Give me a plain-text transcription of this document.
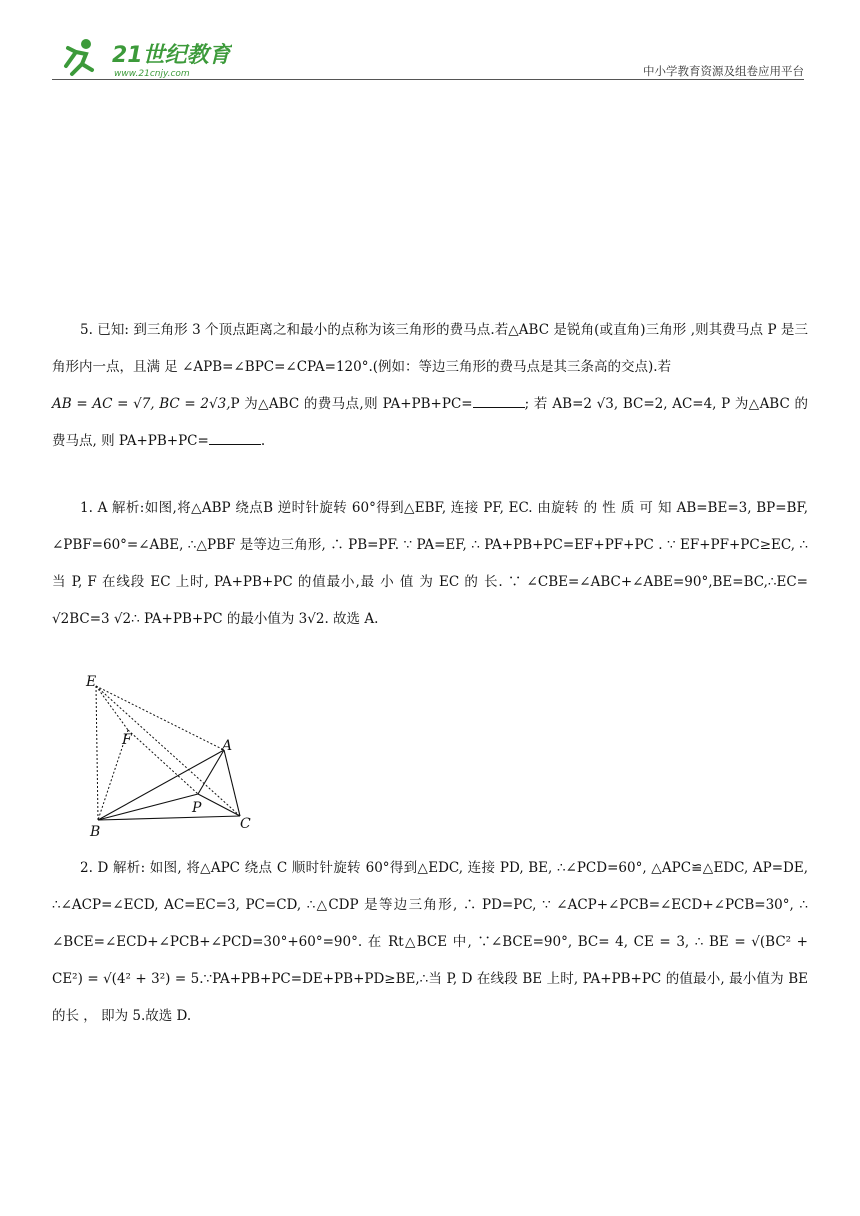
21世纪教育
www.21cnjy.com	中小学教育资源及组卷应用平台
5. 已知: 到三角形 3 个顶点距离之和最小的点称为该三角形的费马点.若△ABC 是锐角(或直角)三角形 ,则其费马点 P 是三角形内一点，且满 足 ∠APB=∠BPC=∠CPA=120°.(例如：等边三角形的费马点是其三条高的交点).若
AB = AC = √7, BC = 2√3,P 为△ABC 的费马点,则 PA+PB+PC=	; 若 AB=2 √3, BC=2, AC=4, P 为△ABC 的费马点, 则 PA+PB+PC=	.
1. A 解析:如图,将△ABP 绕点B 逆时针旋转 60°得到△EBF, 连接 PF, EC. 由旋转 的 性 质 可 知 AB=BE=3, BP=BF, ∠PBF=60°=∠ABE, ∴△PBF 是等边三角形, ∴ PB=PF. ∵ PA=EF, ∴ PA+PB+PC=EF+PF+PC . ∵ EF+PF+PC≥EC, ∴当 P, F 在线段 EC 上时, PA+PB+PC 的值最小,最 小 值 为 EC 的 长. ∵ ∠CBE=∠ABC+∠ABE=90°,BE=BC,∴EC= √2BC=3 √2∴ PA+PB+PC 的最小值为 3√2. 故选 A.
E
F	A
P
B	C
2. D 解析: 如图, 将△APC 绕点 C 顺时针旋转 60°得到△EDC, 连接 PD, BE, ∴∠PCD=60°, △APC≌△EDC, AP=DE, ∴∠ACP=∠ECD, AC=EC=3, PC=CD, ∴△CDP 是等边三角形, ∴ PD=PC, ∵ ∠ACP+∠PCB=∠ECD+∠PCB=30°, ∴ ∠BCE=∠ECD+∠PCB+∠PCD=30°+60°=90°. 在 Rt△BCE 中, ∵∠BCE=90°, BC= 4, CE = 3, ∴ BE = √(BC² + CE²) = √(4² + 3²) = 5.∵PA+PB+PC=DE+PB+PD≥BE,∴当 P, D 在线段 BE 上时, PA+PB+PC 的值最小, 最小值为 BE 的长 ， 即为 5.故选 D.
